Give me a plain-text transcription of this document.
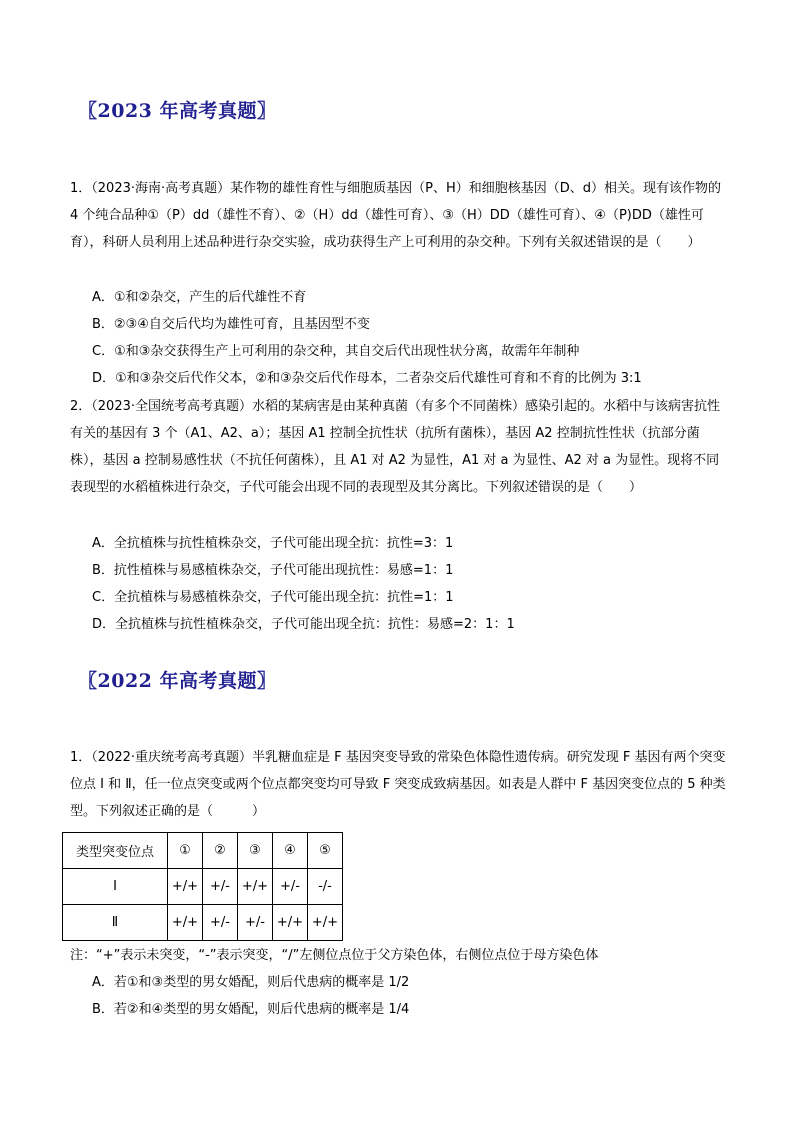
〖2023 年高考真题〗
1．（2023·海南·高考真题）某作物的雄性育性与细胞质基因（P、H）和细胞核基因（D、d）相关。现有该作物的 4 个纯合品种①（P）dd（雄性不育）、②（H）dd（雄性可育）、③（H）DD（雄性可育）、④（P)DD（雄性可育），科研人员利用上述品种进行杂交实验，成功获得生产上可利用的杂交种。下列有关叙述错误的是（　　）
A．①和②杂交，产生的后代雄性不育
B．②③④自交后代均为雄性可育，且基因型不变
C．①和③杂交获得生产上可利用的杂交种，其自交后代出现性状分离，故需年年制种
D．①和③杂交后代作父本，②和③杂交后代作母本，二者杂交后代雄性可育和不育的比例为 3:1
2．（2023·全国统考高考真题）水稻的某病害是由某种真菌（有多个不同菌株）感染引起的。水稻中与该病害抗性有关的基因有 3 个（A1、A2、a）；基因 A1 控制全抗性状（抗所有菌株），基因 A2 控制抗性性状（抗部分菌株），基因 a 控制易感性状（不抗任何菌株），且 A1 对 A2 为显性，A1 对 a 为显性、A2 对 a 为显性。现将不同表现型的水稻植株进行杂交，子代可能会出现不同的表现型及其分离比。下列叙述错误的是（　　）
A．全抗植株与抗性植株杂交，子代可能出现全抗：抗性=3：1
B．抗性植株与易感植株杂交，子代可能出现抗性：易感=1：1
C．全抗植株与易感植株杂交，子代可能出现全抗：抗性=1：1
D．全抗植株与抗性植株杂交，子代可能出现全抗：抗性：易感=2：1：1
〖2022 年高考真题〗
1．（2022·重庆统考高考真题）半乳糖血症是 F 基因突变导致的常染色体隐性遗传病。研究发现 F 基因有两个突变位点 I 和 Ⅱ，任一位点突变或两个位点都突变均可导致 F 突变成致病基因。如表是人群中 F 基因突变位点的 5 种类型。下列叙述正确的是（　　　）
类型突变位点	①	②	③	④	⑤
I	+/+	+/-	+/+	+/-	-/-
Ⅱ	+/+	+/-	+/-	+/+	+/+
注：“+”表示未突变，“-”表示突变，“/”左侧位点位于父方染色体，右侧位点位于母方染色体
A．若①和③类型的男女婚配，则后代患病的概率是 1/2
B．若②和④类型的男女婚配，则后代患病的概率是 1/4
